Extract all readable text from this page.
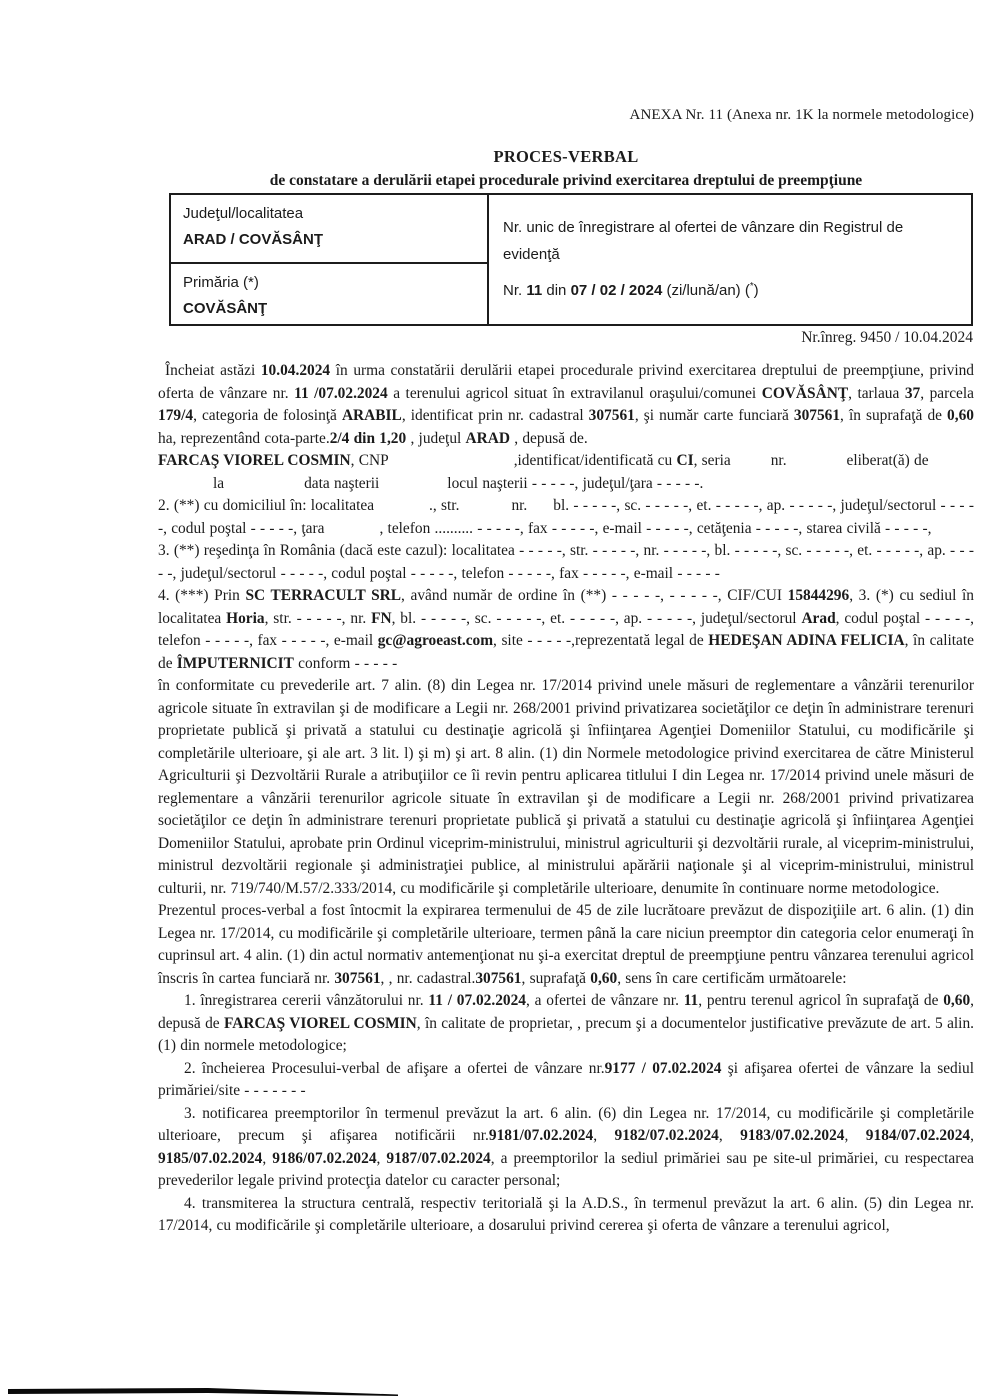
ANEXA Nr. 11 (Anexa nr. 1K la normele metodologice)
PROCES-VERBAL
de constatare a derulării etapei procedurale privind exercitarea dreptului de preempţiune
Judeţul/localitatea
ARAD / COVĂSÂNŢ
Primăria (*)
COVĂSÂNŢ
Nr. unic de înregistrare al ofertei de vânzare din Registrul de evidenţă
Nr. 11 din 07 / 02 / 2024 (zi/lună/an) (*)
Nr.înreg. 9450 / 10.04.2024

Încheiat astăzi 10.04.2024 în urma constatării derulării etapei procedurale privind exercitarea dreptului de preempţiune, privind oferta de vânzare nr. 11 /07.02.2024 a terenului agricol situat în extravilanul oraşului/comunei COVĂSÂNŢ, tarlaua 37, parcela 179/4, categoria de folosinţă ARABIL, identificat prin nr. cadastral 307561, şi număr carte funciară 307561, în suprafaţă de 0,60 ha, reprezentând cota-parte.2/4 din 1,20 , judeţul ARAD , depusă de.

FARCAŞ VIOREL COSMIN, CNP	,identificat/identificată cu CI, seria	nr.	eliberat(ă) de

la	data naşterii	locul naşterii - - - - -, judeţul/ţara - - - - -.

2. (**) cu domiciliul în: localitatea	., str.	nr. bl. - - - - -, sc. - - - - -, et. - - - - -, ap. - - - - -, judeţul/sectorul - - - - -, codul poştal - - - - -, ţara	, telefon .......... - - - - -, fax - - - - -, e-mail - - - - -, cetăţenia - - - - -, starea civilă - - - - -,

3. (**) reşedinţa în România (dacă este cazul): localitatea - - - - -, str. - - - - -, nr. - - - - -, bl. - - - - -, sc. - - - - -, et. - - - - -, ap. - - - - -, judeţul/sectorul - - - - -, codul poştal - - - - -, telefon - - - - -, fax - - - - -, e-mail - - - - -

4. (***) Prin SC TERRACULT SRL, având număr de ordine în (**) - - - - -, - - - - -, CIF/CUI 15844296, 3. (*) cu sediul în localitatea Horia, str. - - - - -, nr. FN, bl. - - - - -, sc. - - - - -, et. - - - - -, ap. - - - - -, judeţul/sectorul Arad, codul poştal - - - - -, telefon - - - - -, fax - - - - -, e-mail gc@agroeast.com, site - - - - -,reprezentată legal de HEDEŞAN ADINA FELICIA, în calitate de ÎMPUTERNICIT conform - - - - -

în conformitate cu prevederile art. 7 alin. (8) din Legea nr. 17/2014 privind unele măsuri de reglementare a vânzării terenurilor agricole situate în extravilan şi de modificare a Legii nr. 268/2001 privind privatizarea societăţilor ce deţin în administrare terenuri proprietate publică şi privată a statului cu destinaţie agricolă şi înfiinţarea Agenţiei Domeniilor Statului, cu modificările şi completările ulterioare, şi ale art. 3 lit. l) şi m) şi art. 8 alin. (1) din Normele metodologice privind exercitarea de către Ministerul Agriculturii şi Dezvoltării Rurale a atribuţiilor ce îi revin pentru aplicarea titlului I din Legea nr. 17/2014 privind unele măsuri de reglementare a vânzării terenurilor agricole situate în extravilan şi de modificare a Legii nr. 268/2001 privind privatizarea societăţilor ce deţin în administrare terenuri proprietate publică şi privată a statului cu destinaţie agricolă şi înfiinţarea Agenţiei Domeniilor Statului, aprobate prin Ordinul viceprim-ministrului, ministrul agriculturii şi dezvoltării rurale, al viceprim-ministrului, ministrul dezvoltării regionale şi administraţiei publice, al ministrului apărării naţionale şi al viceprim-ministrului, ministrul culturii, nr. 719/740/M.57/2.333/2014, cu modificările şi completările ulterioare, denumite în continuare norme metodologice.

Prezentul proces-verbal a fost întocmit la expirarea termenului de 45 de zile lucrătoare prevăzut de dispoziţiile art. 6 alin. (1) din Legea nr. 17/2014, cu modificările şi completările ulterioare, termen până la care niciun preemptor din categoria celor enumeraţi în cuprinsul art. 4 alin. (1) din actul normativ antemenţionat nu şi-a exercitat dreptul de preempţiune pentru vânzarea terenului agricol înscris în cartea funciară nr. 307561, , nr. cadastral.307561, suprafaţă 0,60, sens în care certificăm următoarele:

1. înregistrarea cererii vânzătorului nr. 11 / 07.02.2024, a ofertei de vânzare nr. 11, pentru terenul agricol în suprafaţă de 0,60, depusă de FARCAŞ VIOREL COSMIN, în calitate de proprietar, , precum şi a documentelor justificative prevăzute de art. 5 alin. (1) din normele metodologice;

2. încheierea Procesului-verbal de afişare a ofertei de vânzare nr.9177 / 07.02.2024 şi afişarea ofertei de vânzare la sediul primăriei/site - - - - - - -

3. notificarea preemptorilor în termenul prevăzut la art. 6 alin. (6) din Legea nr. 17/2014, cu modificările şi completările ulterioare, precum şi afişarea notificării nr.9181/07.02.2024, 9182/07.02.2024, 9183/07.02.2024, 9184/07.02.2024, 9185/07.02.2024, 9186/07.02.2024, 9187/07.02.2024, a preemptorilor la sediul primăriei sau pe site-ul primăriei, cu respectarea prevederilor legale privind protecţia datelor cu caracter personal;

4. transmiterea la structura centrală, respectiv teritorială şi la A.D.S., în termenul prevăzut la art. 6 alin. (5) din Legea nr. 17/2014, cu modificările şi completările ulterioare, a dosarului privind cererea şi oferta de vânzare a terenului agricol,
